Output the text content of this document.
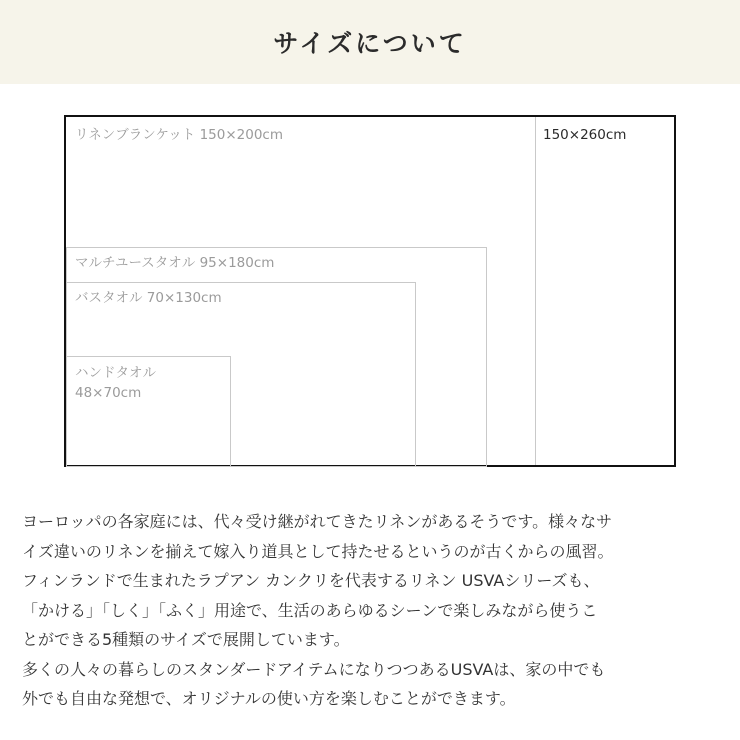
サイズについて
リネンブランケット 150×200cm	150×260cm
マルチユースタオル 95×180cm
バスタオル 70×130cm
ハンドタオル
48×70cm

ヨーロッパの各家庭には、代々受け継がれてきたリネンがあるそうです。様々なサ

イズ違いのリネンを揃えて嫁入り道具として持たせるというのが古くからの風習。

フィンランドで生まれたラプアン カンクリを代表するリネン USVAシリーズも、

「かける」「しく」「ふく」用途で、生活のあらゆるシーンで楽しみながら使うこ

とができる5種類のサイズで展開しています。

多くの人々の暮らしのスタンダードアイテムになりつつあるUSVAは、家の中でも

外でも自由な発想で、オリジナルの使い方を楽しむことができます。
